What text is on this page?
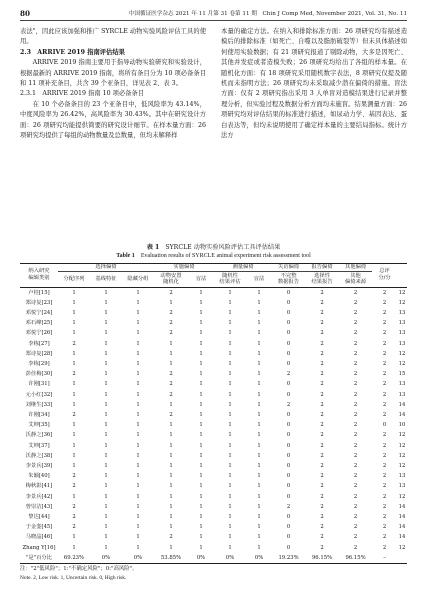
80	中国循证医学杂志 2021 年 11 月第 31 卷第 11 期　Chin J Comp Med, November 2021, Vol. 31, No. 11

表法"，因此应该加强和推广 SYRCLE 动物实验风险评估工具的使用。

2.3　ARRIVE 2019 指南评估结果

ARRIVE 2019 指南主要用于指导动物实验研究和实验设计，根据最新的 ARRIVE 2019 指南，将所有条目分为 10 项必备条目和 11 项补充条目，共含 39 个亚条目，详见表 2、表 3。

2.3.1　ARRIVE 2019 指南 10 项必备条目

在 10 个必备条目的 23 个亚条目中，低风险率为 43.14%，中度风险率为 26.42%，高风险率为 30.43%。其中在研究设计方面：26 项研究均能提供简要的研究设计细节。在样本量方面：26 项研究均提供了每组的动物数量及总数量，但均未解释样

本量的确定方法。在纳入和排除标准方面：26 项研究均有描述造模后的排除标准（如死亡、自噬以及脂肪破裂等）但未具体描述如何使用实验数据；有 21 项研究报道了剔除动物，大多是因死亡、其他并发症或者造模失败；26 项研究均给出了各组的样本量。在随机化方面：有 18 项研究采用随机数字表法，8 项研究仅提及随机而未指明方法；26 项研究均未采取减少潜在偏倚的措施。盲法方面：仅有 2 项研究指出采用 3 人单盲对造模结果进行记录并整理分析，但实验过程及数据分析方面均未施盲。结果测量方面：26 项研究均对评估结果的标准进行描述，如尿动力学、基因表达、蛋白表达等，但均未说明使用了确定样本量的主要结局指标。统计方法方

表 1 SYRCLE 动物实验风险评估工具评估结果
Table 1 Evaluation results of SYRCLE animal experiment risk assessment tool
纳入研究
编辑类别	选择偏倚			实施偏倚		测量偏倚		失访偏倚	报告偏倚	其他偏倚	总评
分/分	
	分配序列	基线特征	隐藏分组	动物安置
随机化	盲法	随机性
结果评估	盲法	不完整
数据报告	选择性
结果报告	其他
偏倚来源		
卢桂[15]	1	1	1	2	1	1	1	0	2	2	2	12
郑诗复[23]	1	1	1	1	1	1	1	0	2	2	2	12
邓悦宁[24]	1	1	1	2	1	1	1	0	2	2	2	13
邓石峰[25]	1	1	1	2	1	1	1	0	2	2	2	13
邓悦宁[26]	1	1	1	2	1	1	1	0	2	2	2	13
李栋[27]	2	1	1	1	1	1	1	0	2	2	2	13
郑诗复[28]	1	1	1	1	1	1	1	0	2	2	2	12
李栋[29]	1	1	1	1	1	1	1	0	2	2	2	12
彭佳梅[30]	2	1	1	2	1	1	1	2	2	2	2	15
许刚[31]	1	1	1	2	1	1	1	0	2	2	2	13
元小红[32]	1	1	1	2	1	1	1	0	2	2	2	13
刘继生[33]	1	1	1	1	1	1	1	2	2	2	2	14
许刚[34]	2	1	1	2	1	1	1	0	2	2	2	14
艾坤[35]	1	1	1	1	1	1	1	0	2	2	0	10
沃静之[36]	1	1	1	1	1	1	1	0	2	2	2	12
艾坤[37]	1	1	1	1	1	1	1	0	2	2	2	12
沃静之[38]	1	1	1	1	1	1	1	0	2	2	2	12
李景兵[39]	1	1	1	1	1	1	1	0	2	2	2	12
朱颖[40]	2	1	1	1	1	1	1	0	2	2	2	13
梅秋影[41]	2	1	1	1	1	1	1	0	2	2	2	13
李景兵[42]	1	1	1	1	1	1	1	0	2	2	2	12
曾崇洁[43]	2	1	1	1	1	1	1	2	2	2	2	14
黎达[44]	2	1	1	1	1	1	1	0	2	2	2	14
于金銮[45]	2	1	1	1	1	1	1	0	2	2	2	14
马晓晶[46]	1	1	1	2	1	1	1	0	2	2	2	14
Zhang Y[16]	1	1	1	1	1	1	1	0	2	2	2	12
"是"百分比	69.23%	0%	0%	53.85%	0%	0%	0%	19.23%	96.15%	96.15%	–	
注："2"低风险"；1:"不确定风险"；0:"高风险"。
Note. 2, Low risk. 1, Uncertain risk. 0, High risk.
